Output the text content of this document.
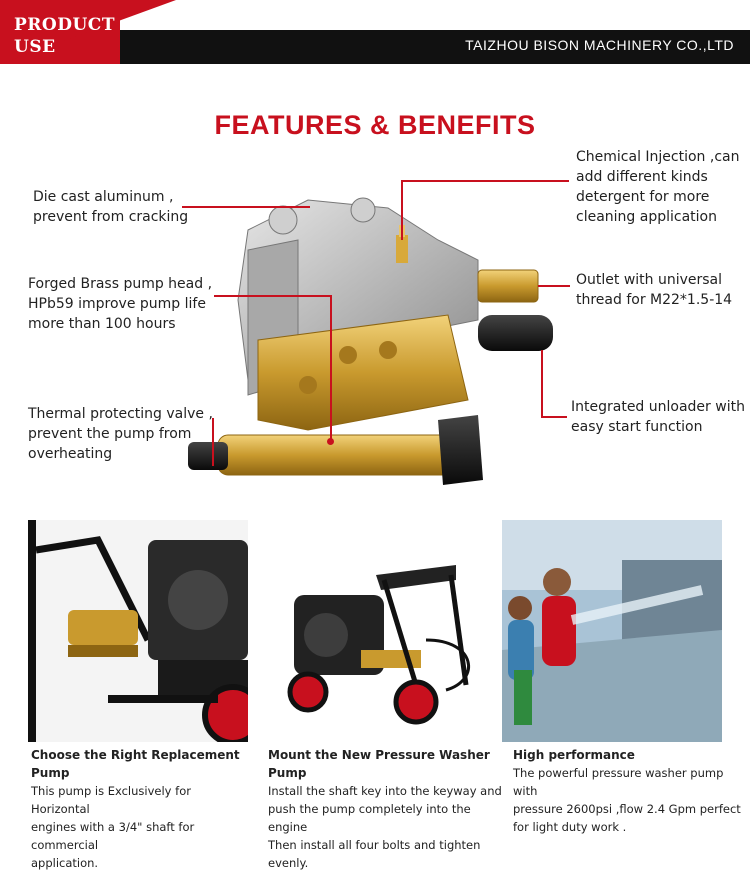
PRODUCT
USE	TAIZHOU BISON MACHINERY CO.,LTD
FEATURES & BENEFITS
Die cast aluminum ,
prevent from cracking
Forged Brass pump head ,
HPb59 improve pump life
more than 100 hours
Thermal protecting valve ,
prevent the pump from
overheating
Chemical Injection ,can
add different kinds
detergent for more
cleaning application
Outlet with universal
thread for M22*1.5-14
Integrated unloader with
easy start function
Choose the Right Replacement Pump
This pump is Exclusively for Horizontal
engines with a 3/4" shaft for commercial
application.
Mount the New Pressure Washer Pump
Install the shaft key into the keyway and
push the pump completely into the engine
Then install all four bolts and tighten evenly.
High performance
The powerful pressure washer pump with
pressure 2600psi ,flow 2.4 Gpm perfect
for light duty work .
